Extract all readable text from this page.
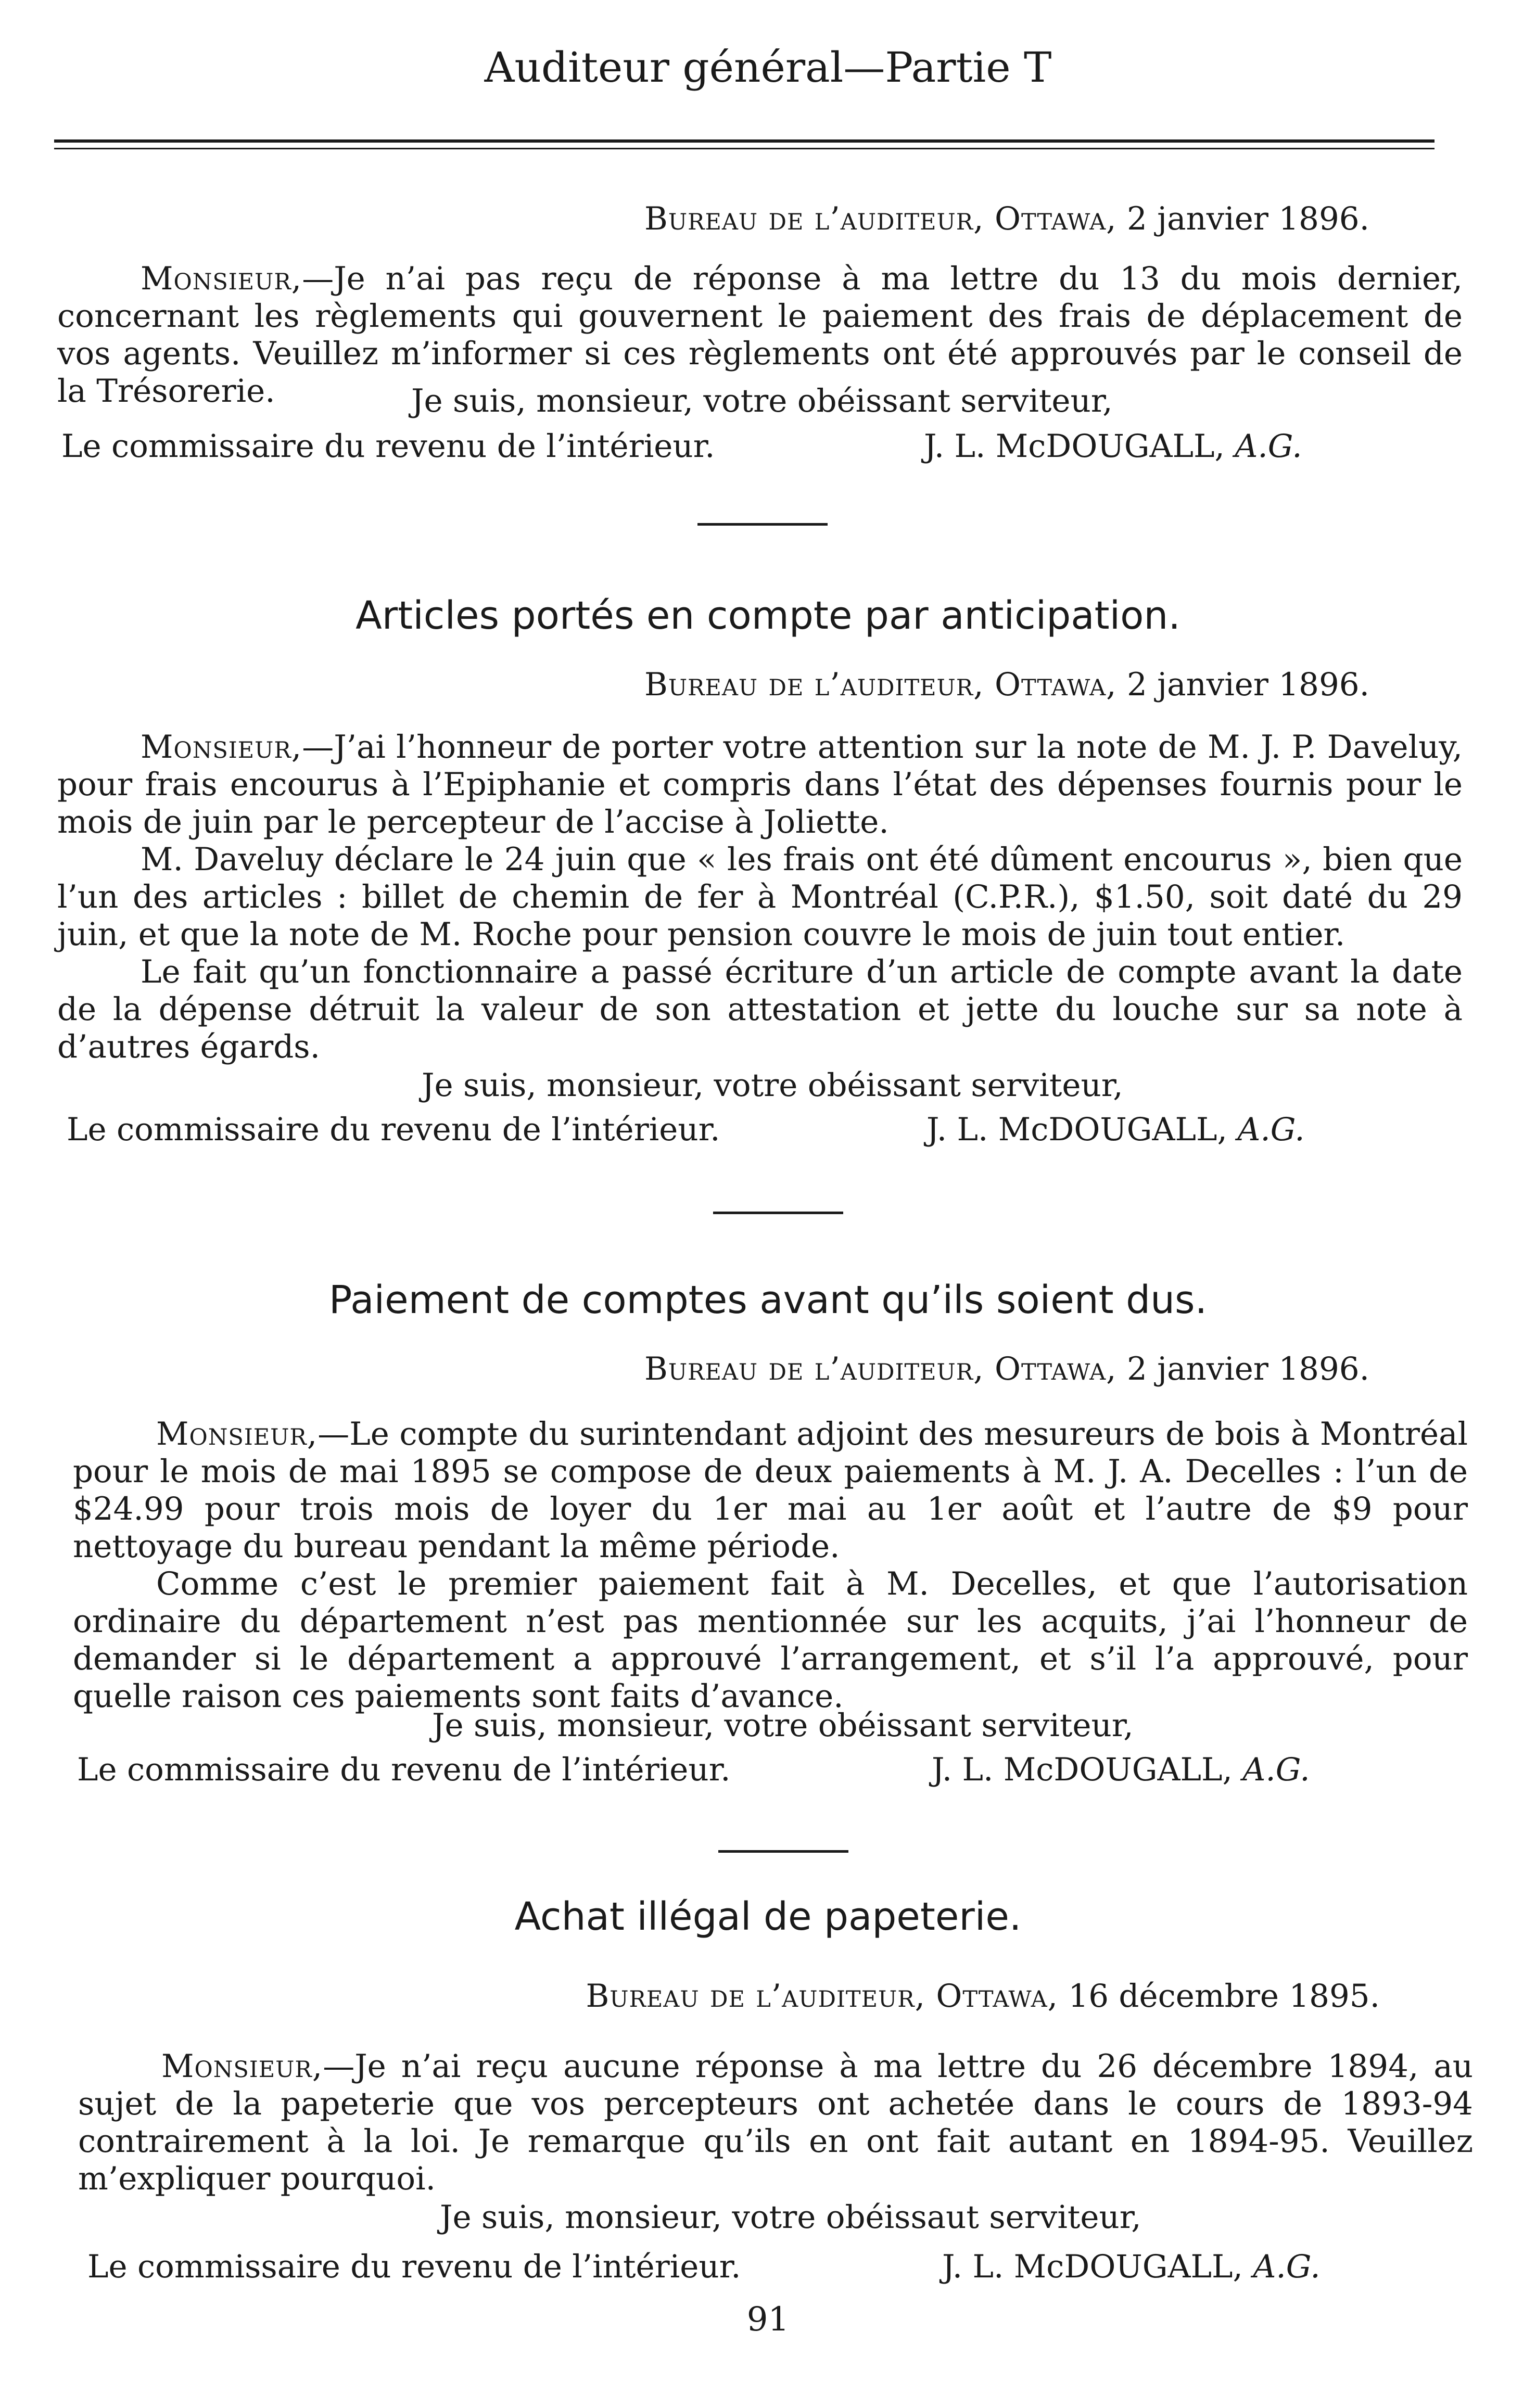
Auditeur général—Partie T
Bureau de l’auditeur, Ottawa, 2 janvier 1896.

Monsieur,—Je n’ai pas reçu de réponse à ma lettre du 13 du mois dernier, concernant les règlements qui gouvernent le paiement des frais de déplacement de vos agents. Veuillez m’informer si ces règlements ont été approuvés par le conseil de la Trésorerie.	Je suis, monsieur, votre obéissant serviteur,
Le commissaire du revenu de l’intérieur.	J. L. McDOUGALL, A.G.
Articles portés en compte par anticipation.
Bureau de l’auditeur, Ottawa, 2 janvier 1896.

Monsieur,—J’ai l’honneur de porter votre attention sur la note de M. J. P. Daveluy, pour frais encourus à l’Epiphanie et compris dans l’état des dépenses fournis pour le mois de juin par le percepteur de l’accise à Joliette.

M. Daveluy déclare le 24 juin que « les frais ont été dûment encourus », bien que l’un des articles : billet de chemin de fer à Montréal (C.P.R.), $1.50, soit daté du 29 juin, et que la note de M. Roche pour pension couvre le mois de juin tout entier.

Le fait qu’un fonctionnaire a passé écriture d’un article de compte avant la date de la dépense détruit la valeur de son attestation et jette du louche sur sa note à d’autres égards.

Je suis, monsieur, votre obéissant serviteur,
Le commissaire du revenu de l’intérieur.	J. L. McDOUGALL, A.G.
Paiement de comptes avant qu’ils soient dus.
Bureau de l’auditeur, Ottawa, 2 janvier 1896.

Monsieur,—Le compte du surintendant adjoint des mesureurs de bois à Montréal pour le mois de mai 1895 se compose de deux paiements à M. J. A. Decelles : l’un de $24.99 pour trois mois de loyer du 1er mai au 1er août et l’autre de $9 pour nettoyage du bureau pendant la même période.

Comme c’est le premier paiement fait à M. Decelles, et que l’autorisation ordinaire du département n’est pas mentionnée sur les acquits, j’ai l’honneur de demander si le département a approuvé l’arrangement, et s’il l’a approuvé, pour quelle raison ces paiements sont faits d’avance.

Je suis, monsieur, votre obéissant serviteur,
Le commissaire du revenu de l’intérieur.	J. L. McDOUGALL, A.G.
Achat illégal de papeterie.
Bureau de l’auditeur, Ottawa, 16 décembre 1895.

Monsieur,—Je n’ai reçu aucune réponse à ma lettre du 26 décembre 1894, au sujet de la papeterie que vos percepteurs ont achetée dans le cours de 1893-94 contrairement à la loi. Je remarque qu’ils en ont fait autant en 1894-95. Veuillez m’expliquer pourquoi.

Je suis, monsieur, votre obéissaut serviteur,
Le commissaire du revenu de l’intérieur.	J. L. McDOUGALL, A.G.
91
